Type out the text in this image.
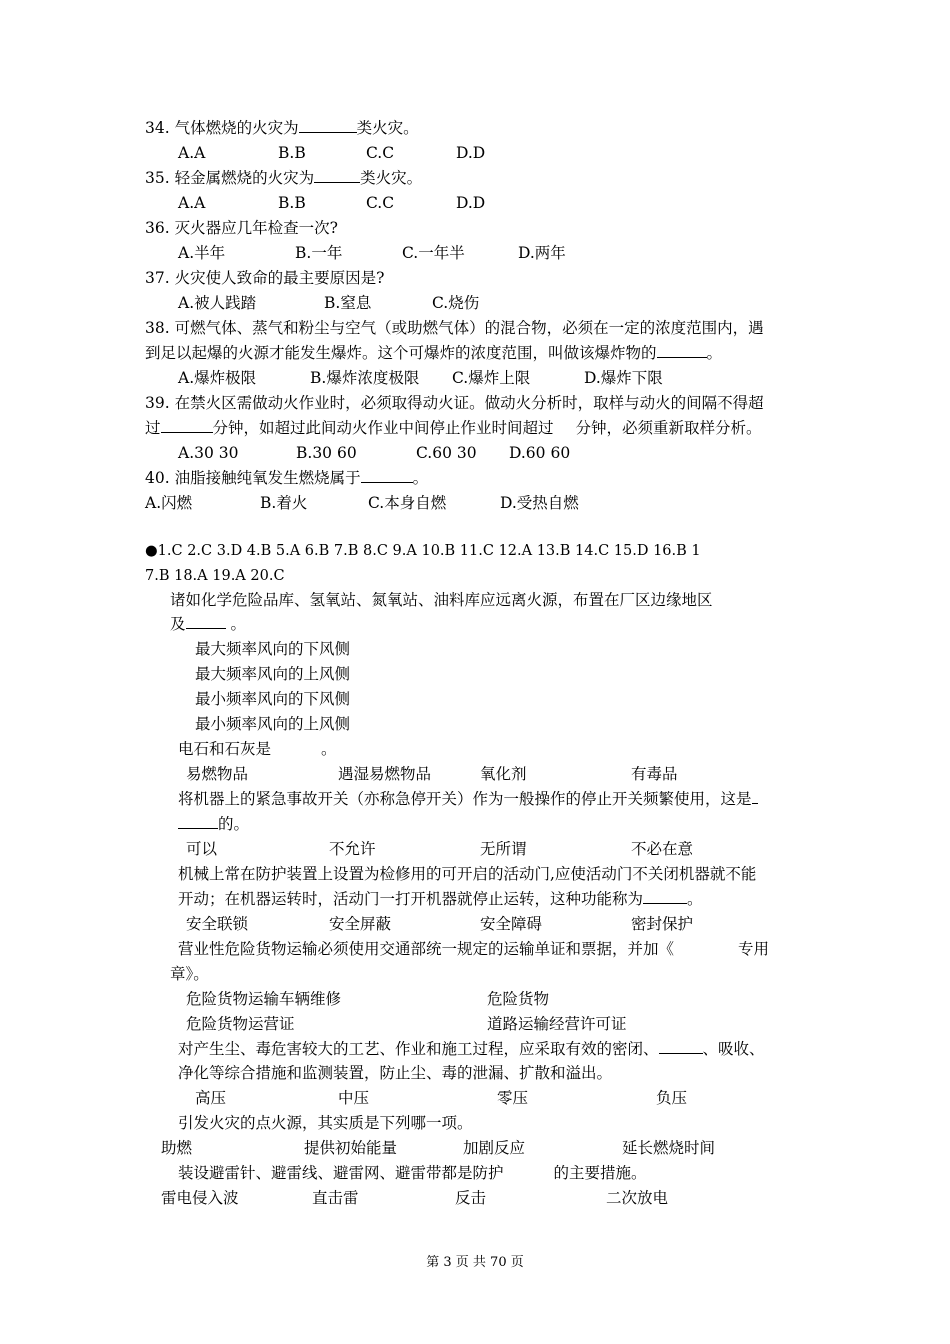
34. 气体燃烧的火灾为	类火灾。
A.A	B.B	C.C	D.D
35. 轻金属燃烧的火灾为	类火灾。
A.A	B.B	C.C	D.D
36. 灭火器应几年检查一次?
A.半年	B.一年	C.一年半	D.两年
37. 火灾使人致命的最主要原因是?
A.被人践踏	B.窒息	C.烧伤
38. 可燃气体、蒸气和粉尘与空气（或助燃气体）的混合物，必须在一定的浓度范围内，遇
到足以起爆的火源才能发生爆炸。这个可爆炸的浓度范围，叫做该爆炸物的	。
A.爆炸极限	B.爆炸浓度极限 C.爆炸上限	D.爆炸下限
39. 在禁火区需做动火作业时，必须取得动火证。做动火分析时，取样与动火的间隔不得超
过	分钟，如超过此间动火作业中间停止作业时间超过 分钟，必须重新取样分析。
A.30 30	B.30 60	C.60 30 D.60 60
40. 油脂接触纯氧发生燃烧属于	。
A.闪燃	B.着火	C.本身自燃	D.受热自燃
●1.C 2.C 3.D 4.B 5.A 6.B 7.B 8.C 9.A 10.B 11.C 12.A 13.B 14.C 15.D 16.B 1
7.B 18.A 19.A 20.C
诸如化学危险品库、氢氧站、氮氧站、油料库应远离火源，布置在厂区边缘地区
及	。
最大频率风向的下风侧
最大频率风向的上风侧
最小频率风向的下风侧
最小频率风向的上风侧
电石和石灰是	。
易燃物品	遇湿易燃物品	氧化剂	有毒品
将机器上的紧急事故开关（亦称急停开关）作为一般操作的停止开关频繁使用，这是
的。
可以	不允许	无所谓	不必在意
机械上常在防护装置上设置为检修用的可开启的活动门,应使活动门不关闭机器就不能
开动；在机器运转时，活动门一打开机器就停止运转，这种功能称为	。
安全联锁	安全屏蔽	安全障碍	密封保护
营业性危险货物运输必须使用交通部统一规定的运输单证和票据，并加《	专用
章》。
危险货物运输车辆维修	危险货物
危险货物运营证	道路运输经营许可证
对产生尘、毒危害较大的工艺、作业和施工过程，应采取有效的密闭、	、吸收、
净化等综合措施和监测装置，防止尘、毒的泄漏、扩散和溢出。
高压	中压	零压	负压
引发火灾的点火源，其实质是下列哪一项。
助燃	提供初始能量	加剧反应	延长燃烧时间
装设避雷针、避雷线、避雷网、避雷带都是防护	的主要措施。
雷电侵入波	直击雷	反击	二次放电
第 3 页 共 70 页
